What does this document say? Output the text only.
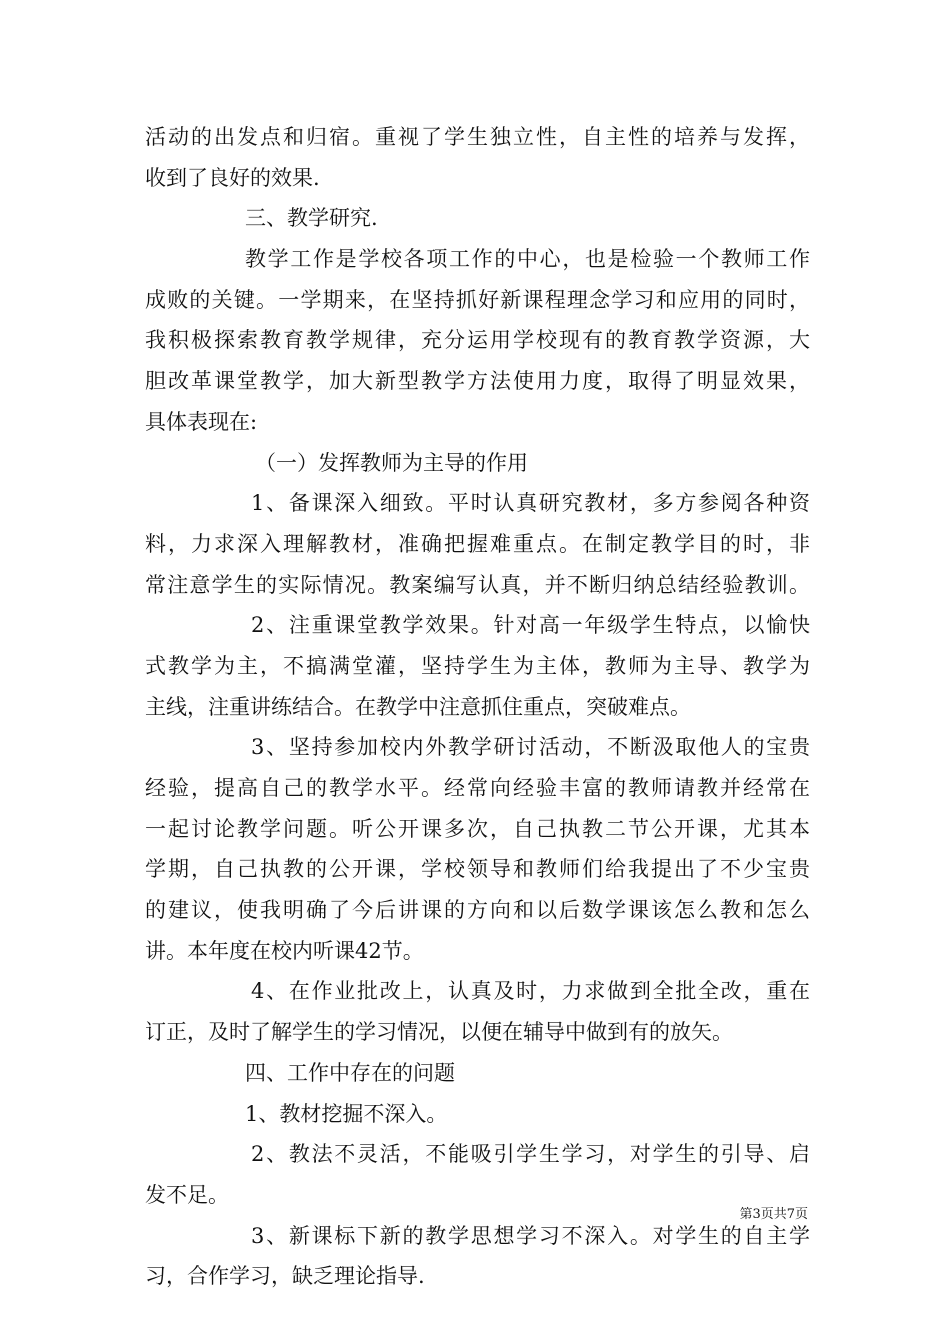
活动的出发点和归宿。重视了学生独立性，自主性的培养与发挥，
收到了良好的效果.
三、教学研究.
教学工作是学校各项工作的中心，也是检验一个教师工作
成败的关键。一学期来，在坚持抓好新课程理念学习和应用的同时，
我积极探索教育教学规律，充分运用学校现有的教育教学资源，大
胆改革课堂教学，加大新型教学方法使用力度，取得了明显效果，
具体表现在:
（一）发挥教师为主导的作用
1、备课深入细致。平时认真研究教材，多方参阅各种资
料，力求深入理解教材，准确把握难重点。在制定教学目的时，非
常注意学生的实际情况。教案编写认真，并不断归纳总结经验教训。
2、注重课堂教学效果。针对高一年级学生特点，以愉快
式教学为主，不搞满堂灌，坚持学生为主体，教师为主导、教学为
主线，注重讲练结合。在教学中注意抓住重点，突破难点。
3、坚持参加校内外教学研讨活动，不断汲取他人的宝贵
经验，提高自己的教学水平。经常向经验丰富的教师请教并经常在
一起讨论教学问题。听公开课多次，自己执教二节公开课，尤其本
学期，自己执教的公开课，学校领导和教师们给我提出了不少宝贵
的建议，使我明确了今后讲课的方向和以后数学课该怎么教和怎么
讲。本年度在校内听课42节。
4、在作业批改上，认真及时，力求做到全批全改，重在
订正，及时了解学生的学习情况，以便在辅导中做到有的放矢。
四、工作中存在的问题
1、教材挖掘不深入。
2、教法不灵活，不能吸引学生学习，对学生的引导、启
发不足。
3、新课标下新的教学思想学习不深入。对学生的自主学
习，合作学习，缺乏理论指导.
第3页共7页
